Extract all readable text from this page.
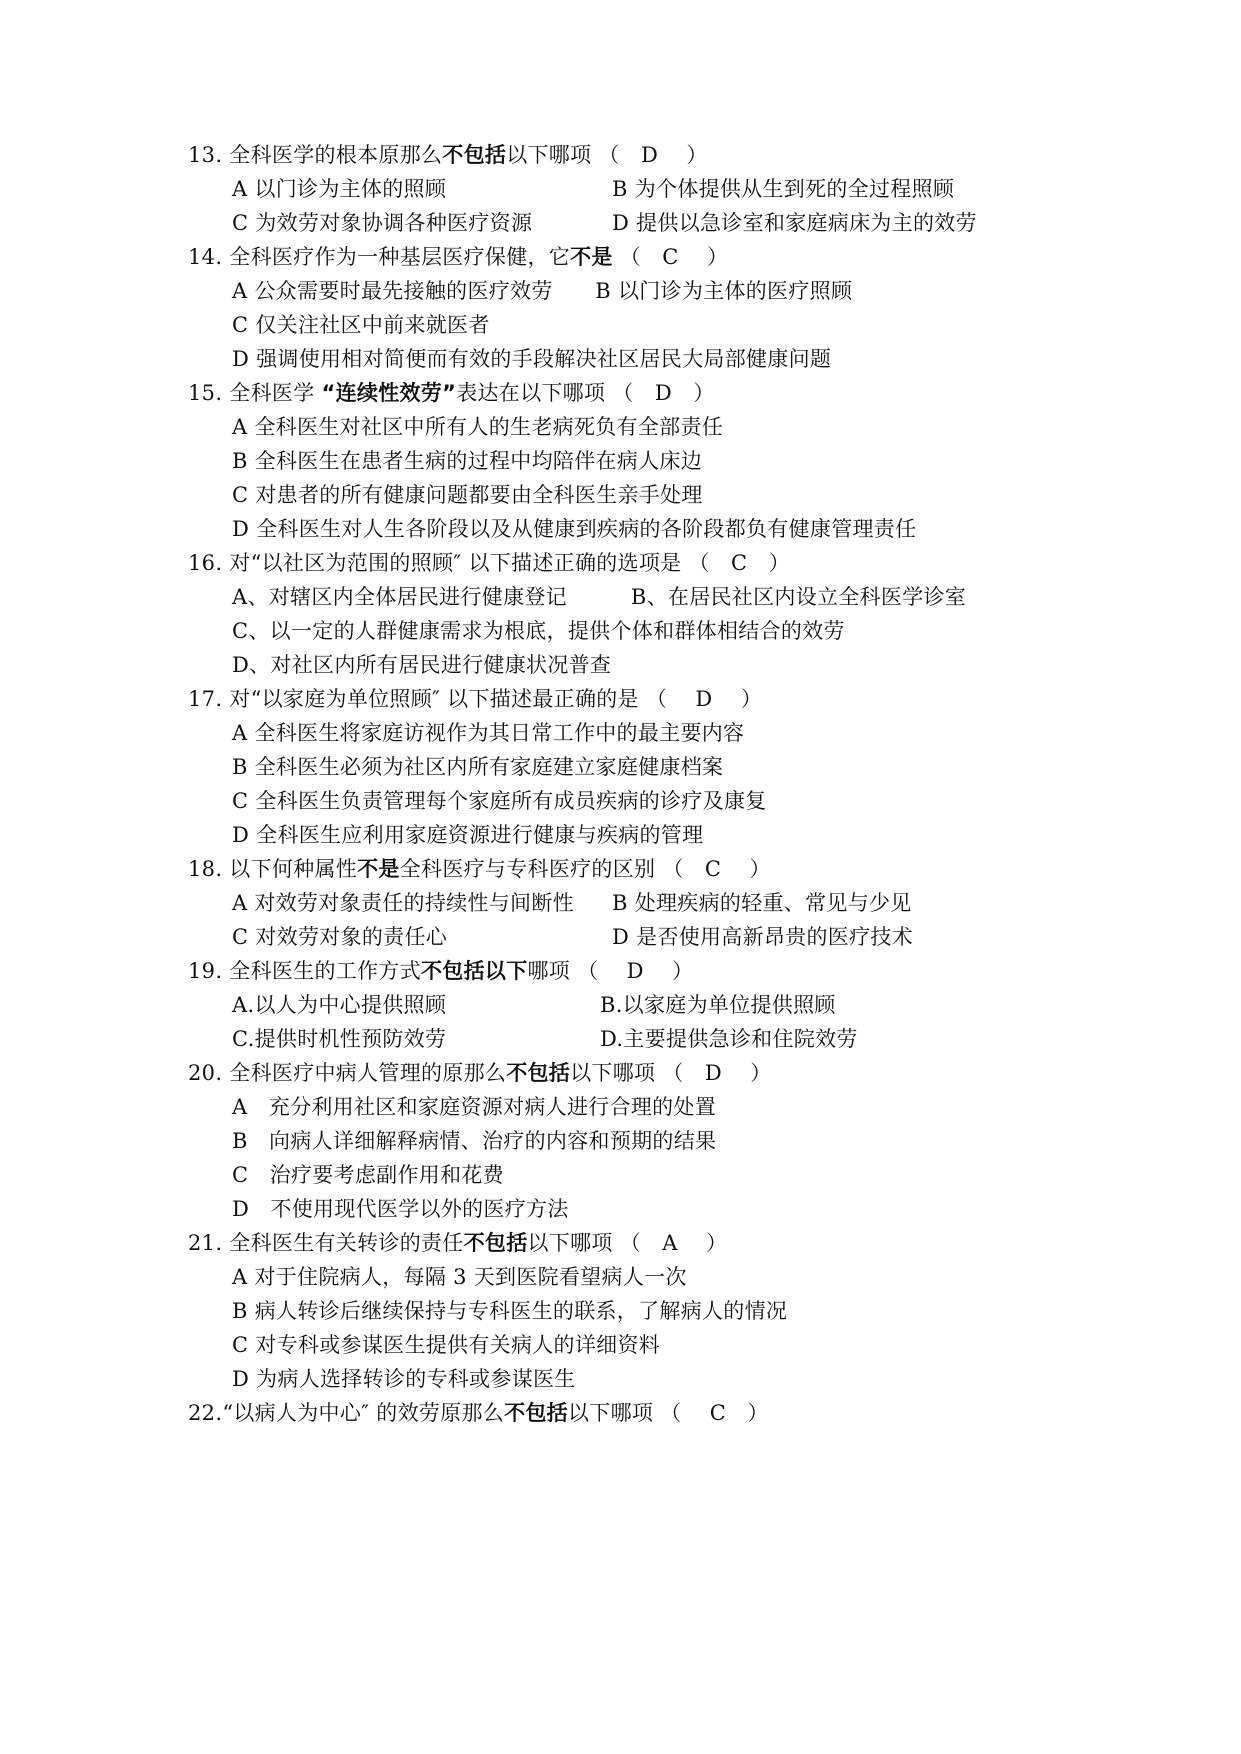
13. 全科医学的根本原那么不包括以下哪项 （　D　 ）
A 以门诊为主体的照顾	B 为个体提供从生到死的全过程照顾
C 为效劳对象协调各种医疗资源	D 提供以急诊室和家庭病床为主的效劳
14. 全科医疗作为一种基层医疗保健，它不是 （　C　 ）
A 公众需要时最先接触的医疗效劳　　B 以门诊为主体的医疗照顾
C 仅关注社区中前来就医者
D 强调使用相对简便而有效的手段解决社区居民大局部健康问题
15. 全科医学 “连续性效劳”表达在以下哪项 （　D　）
A 全科医生对社区中所有人的生老病死负有全部责任
B 全科医生在患者生病的过程中均陪伴在病人床边
C 对患者的所有健康问题都要由全科医生亲手处理
D 全科医生对人生各阶段以及从健康到疾病的各阶段都负有健康管理责任
16. 对“以社区为范围的照顾″ 以下描述正确的选项是 （　C　）
A、对辖区内全体居民进行健康登记　　　B、在居民社区内设立全科医学诊室
C、以一定的人群健康需求为根底，提供个体和群体相结合的效劳
D、对社区内所有居民进行健康状况普查
17. 对“以家庭为单位照顾″ 以下描述最正确的是 （　 D　 ）
A 全科医生将家庭访视作为其日常工作中的最主要内容
B 全科医生必须为社区内所有家庭建立家庭健康档案
C 全科医生负责管理每个家庭所有成员疾病的诊疗及康复
D 全科医生应利用家庭资源进行健康与疾病的管理
18. 以下何种属性不是全科医疗与专科医疗的区别 （　C　 ）
A 对效劳对象责任的持续性与间断性 B 处理疾病的轻重、常见与少见
C 对效劳对象的责任心	D 是否使用高新昂贵的医疗技术
19. 全科医生的工作方式不包括以下哪项 （　 D　 ）
A.以人为中心提供照顾	B.以家庭为单位提供照顾
C.提供时机性预防效劳	D.主要提供急诊和住院效劳
20. 全科医疗中病人管理的原那么不包括以下哪项 （　D　 ）
A　充分利用社区和家庭资源对病人进行合理的处置
B　向病人详细解释病情、治疗的内容和预期的结果
C　治疗要考虑副作用和花费
D　不使用现代医学以外的医疗方法
21. 全科医生有关转诊的责任不包括以下哪项 （　A　 ）
A 对于住院病人，每隔 3 天到医院看望病人一次
B 病人转诊后继续保持与专科医生的联系，了解病人的情况
C 对专科或参谋医生提供有关病人的详细资料
D 为病人选择转诊的专科或参谋医生
22.“以病人为中心″ 的效劳原那么不包括以下哪项 （　 C　）
